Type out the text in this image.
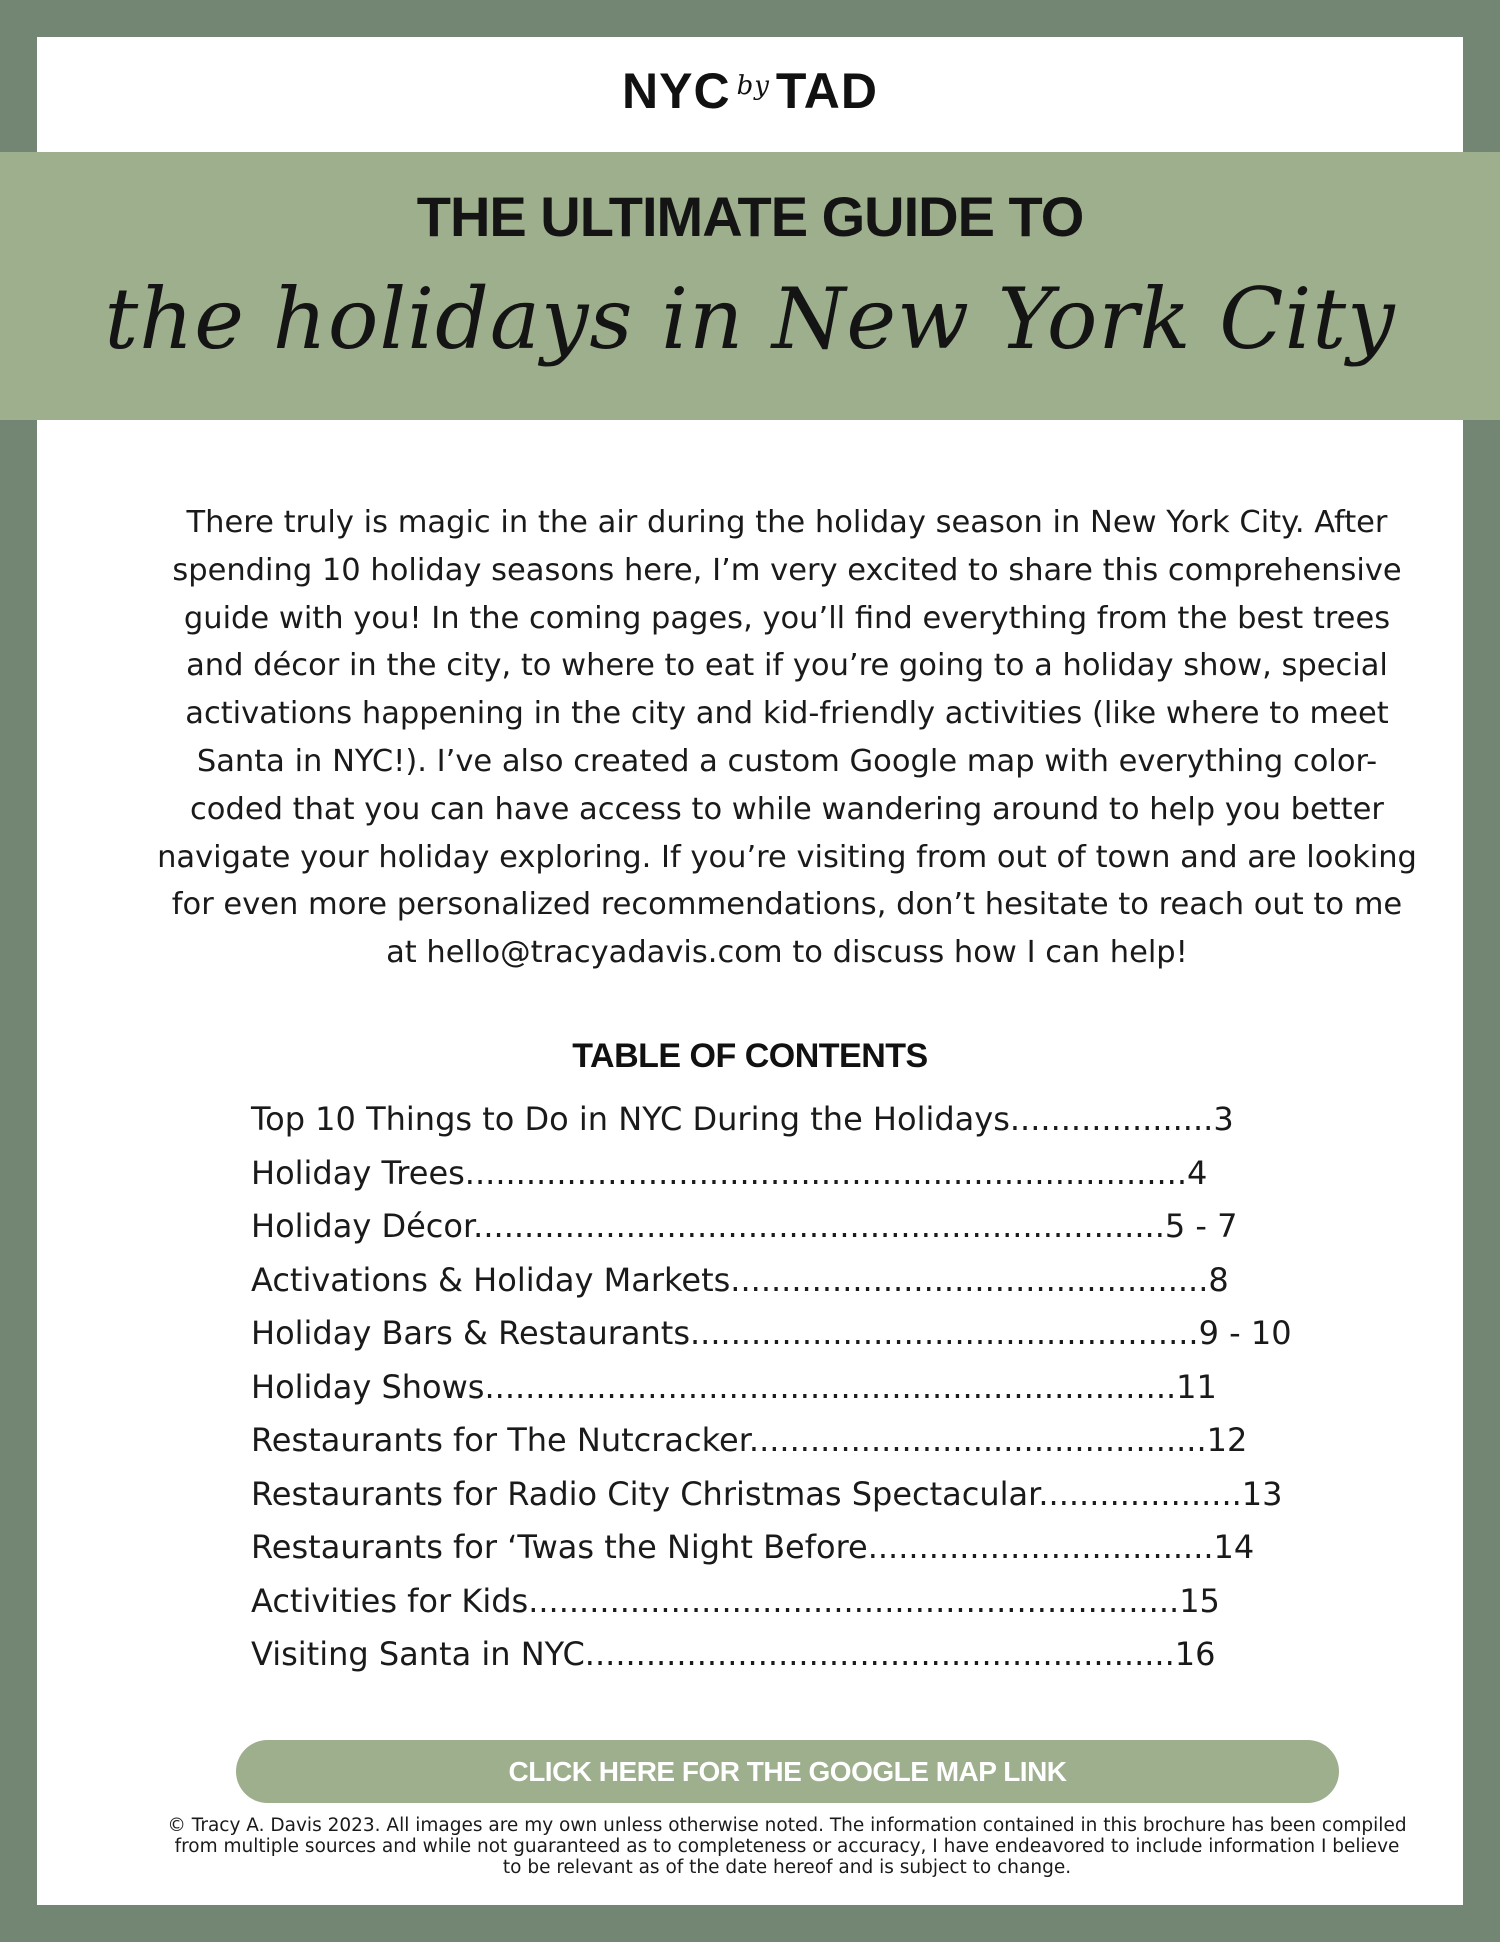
NYC $^{by}$ TAD

There truly is magic in the air during the holiday season in New York City. After spending 10 holiday seasons here, I’m very excited to share this comprehensive guide with you! In the coming pages, you’ll find everything from the best trees and décor in the city, to where to eat if you’re going to a holiday show, special activations happening in the city and kid-friendly activities (like where to meet Santa in NYC!). I’ve also created a custom Google map with everything color-coded that you can have access to while wandering around to help you better navigate your holiday exploring. If you’re visiting from out of town and are looking for even more personalized recommendations, don’t hesitate to reach out to me at hello@tracyadavis.com to discuss how I can help!

TABLE OF CONTENTS
Top 10 Things to Do in NYC During the Holidays....................3
Holiday Trees.......................................................................4
Holiday Décor....................................................................5 - 7
Activations & Holiday Markets...............................................8
Holiday Bars & Restaurants..................................................9 - 10
Holiday Shows....................................................................11
Restaurants for The Nutcracker.............................................12
Restaurants for Radio City Christmas Spectacular....................13
Restaurants for ‘Twas the Night Before..................................14
Activities for Kids................................................................15
Visiting Santa in NYC..........................................................16
CLICK HERE FOR THE GOOGLE MAP LINK

© Tracy A. Davis 2023. All images are my own unless otherwise noted. The information contained in this brochure has been compiled from multiple sources and while not guaranteed as to completeness or accuracy, I have endeavored to include information I believe to be relevant as of the date hereof and is subject to change.

THE ULTIMATE GUIDE TO
the holidays in New York City
